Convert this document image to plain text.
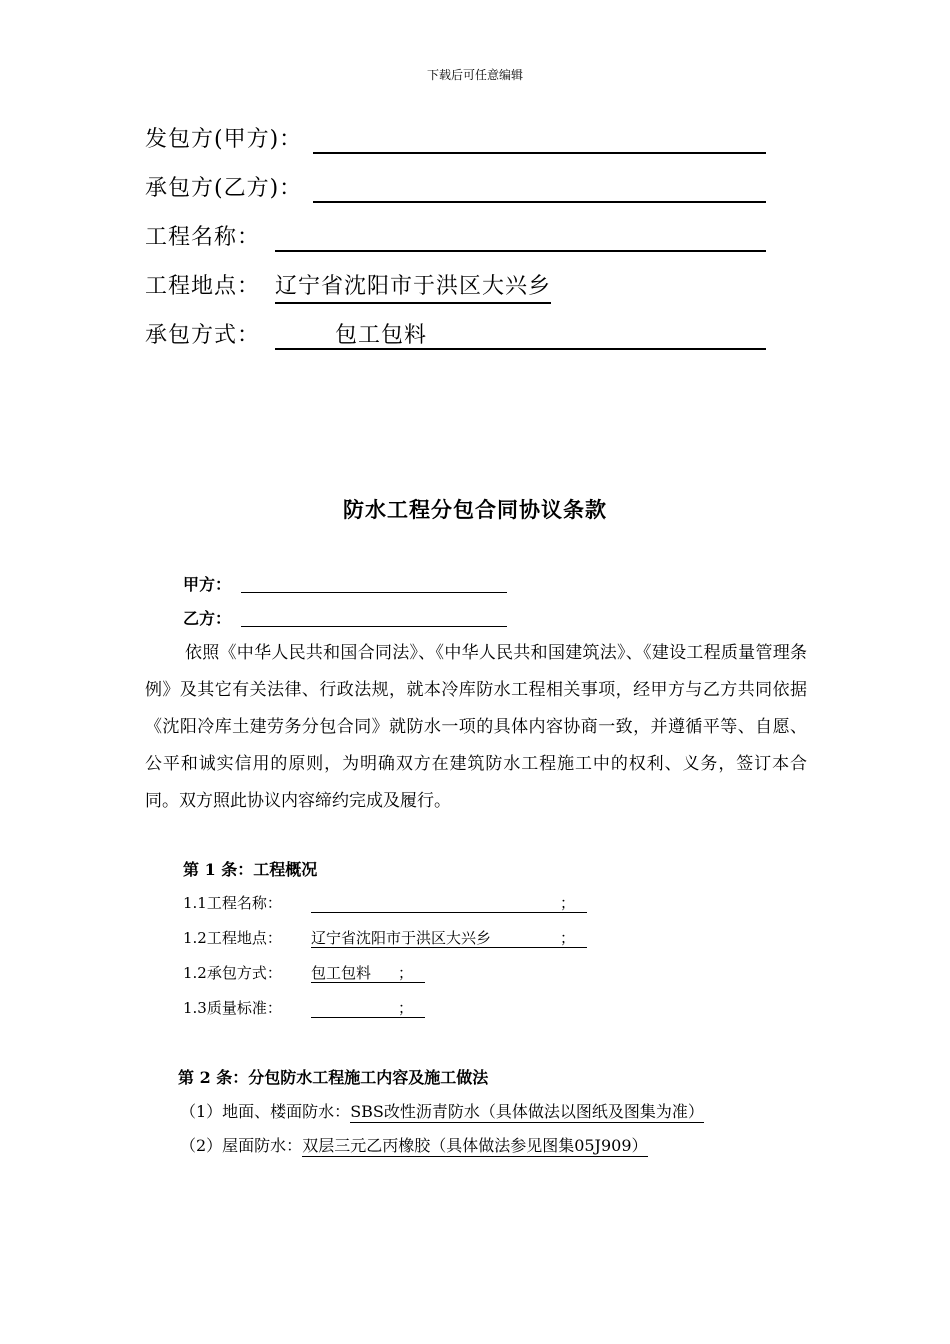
下载后可任意编辑
发包方(甲方)：
承包方(乙方)：
工程名称：
工程地点： 辽宁省沈阳市于洪区大兴乡
承包方式：	包工包料
防水工程分包合同协议条款
甲方：
乙方：
依照《中华人民共和国合同法》、《中华人民共和国建筑法》、《建设工程质量管理条例》及其它有关法律、行政法规，就本冷库防水工程相关事项，经甲方与乙方共同依据《沈阳冷库土建劳务分包合同》就防水一项的具体内容协商一致，并遵循平等、自愿、公平和诚实信用的原则，为明确双方在建筑防水工程施工中的权利、义务，签订本合同。双方照此协议内容缔约完成及履行。
第 1 条：工程概况
1.1工程名称：	；
1.2工程地点： 辽宁省沈阳市于洪区大兴乡	；
1.2承包方式： 包工包料 ；
1.3质量标准：	；
第 2 条：分包防水工程施工内容及施工做法
（1）地面、楼面防水：SBS改性沥青防水（具体做法以图纸及图集为准）
（2）屋面防水：双层三元乙丙橡胶（具体做法参见图集05J909）
